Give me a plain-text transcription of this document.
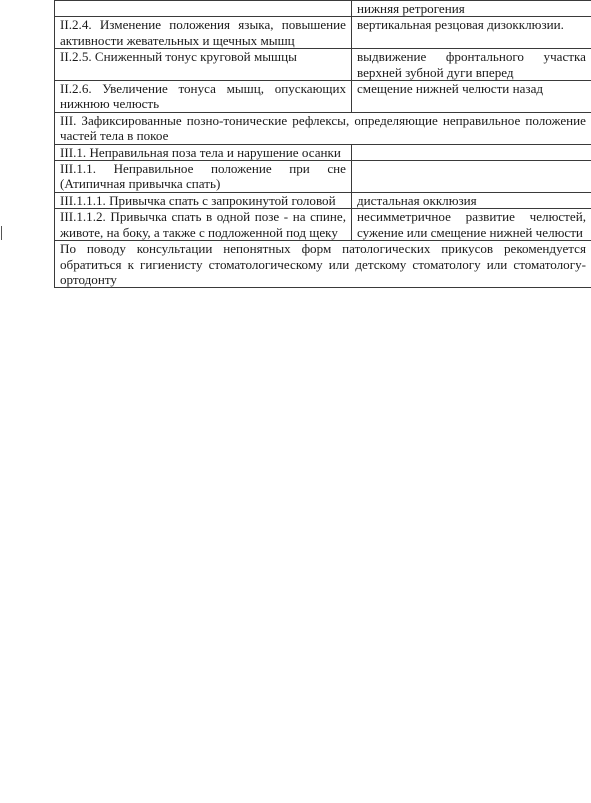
	нижняя ретрогения
II.2.4. Изменение положения языка, повышение активности жевательных и щечных мышц	вертикальная резцовая дизокклюзии.
II.2.5. Сниженный тонус круговой мышцы	выдвижение фронтального участка верхней зубной дуги вперед
II.2.6. Увеличение тонуса мышц, опускающих нижнюю челюсть	смещение нижней челюсти назад
III. Зафиксированные позно-тонические рефлексы, определяющие неправильное положение частей тела в покое	
III.1. Неправильная поза тела и нарушение осанки	
III.1.1. Неправильное положение при сне (Атипичная привычка спать)	
III.1.1.1. Привычка спать с запрокинутой головой	дистальная окклюзия
III.1.1.2. Привычка спать в одной позе - на спине, животе, на боку, а также с подложенной под щеку	несимметричное развитие челюстей, сужение или смещение нижней челюсти
По поводу консультации непонятных форм патологических прикусов рекомендуется обратиться к гигиенисту стоматологическому или детскому стоматологу или стоматологу-ортодонту	
